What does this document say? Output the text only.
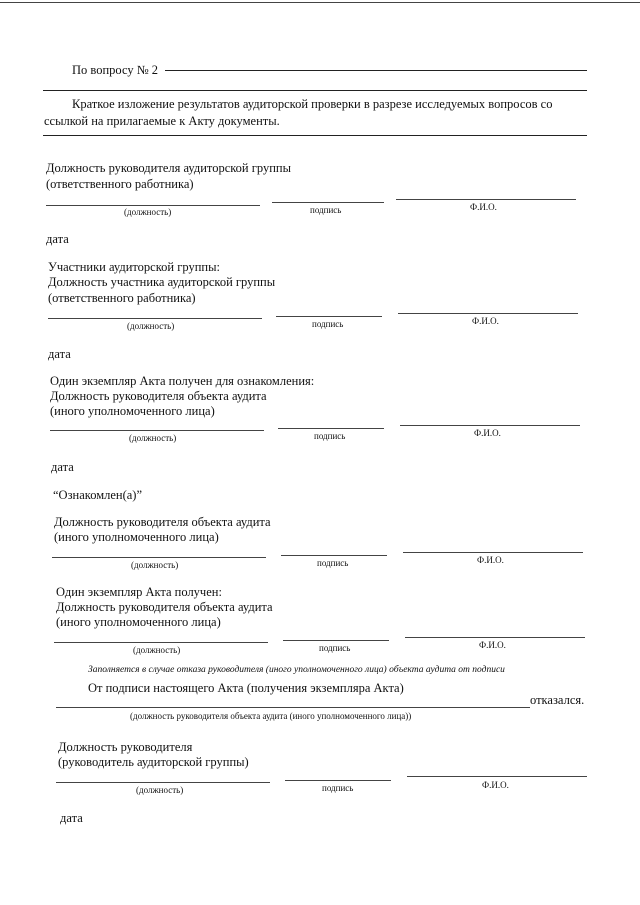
По вопросу № 2
Краткое изложение результатов аудиторской проверки в разрезе исследуемых вопросов со
ссылкой на прилагаемые к Акту документы.
Должность руководителя аудиторской группы
(ответственного работника)
(должность)	подпись	Ф.И.О.
дата
Участники аудиторской группы:
Должность участника аудиторской группы
(ответственного работника)
(должность)	подпись	Ф.И.О.
дата
Один экземпляр Акта получен для ознакомления:
Должность руководителя объекта аудита
(иного уполномоченного лица)
(должность)	подпись	Ф.И.О.
дата
“Ознакомлен(а)”
Должность руководителя объекта аудита
(иного уполномоченного лица)
(должность)	подпись	Ф.И.О.
Один экземпляр Акта получен:
Должность руководителя объекта аудита
(иного уполномоченного лица)
(должность)	подпись	Ф.И.О.
Заполняется в случае отказа руководителя (иного уполномоченного лица) объекта аудита от подписи
От подписи настоящего Акта (получения экземпляра Акта)
отказался.
(должность руководителя объекта аудита (иного уполномоченного лица))
Должность руководителя
(руководитель аудиторской группы)
(должность)	подпись	Ф.И.О.
дата
